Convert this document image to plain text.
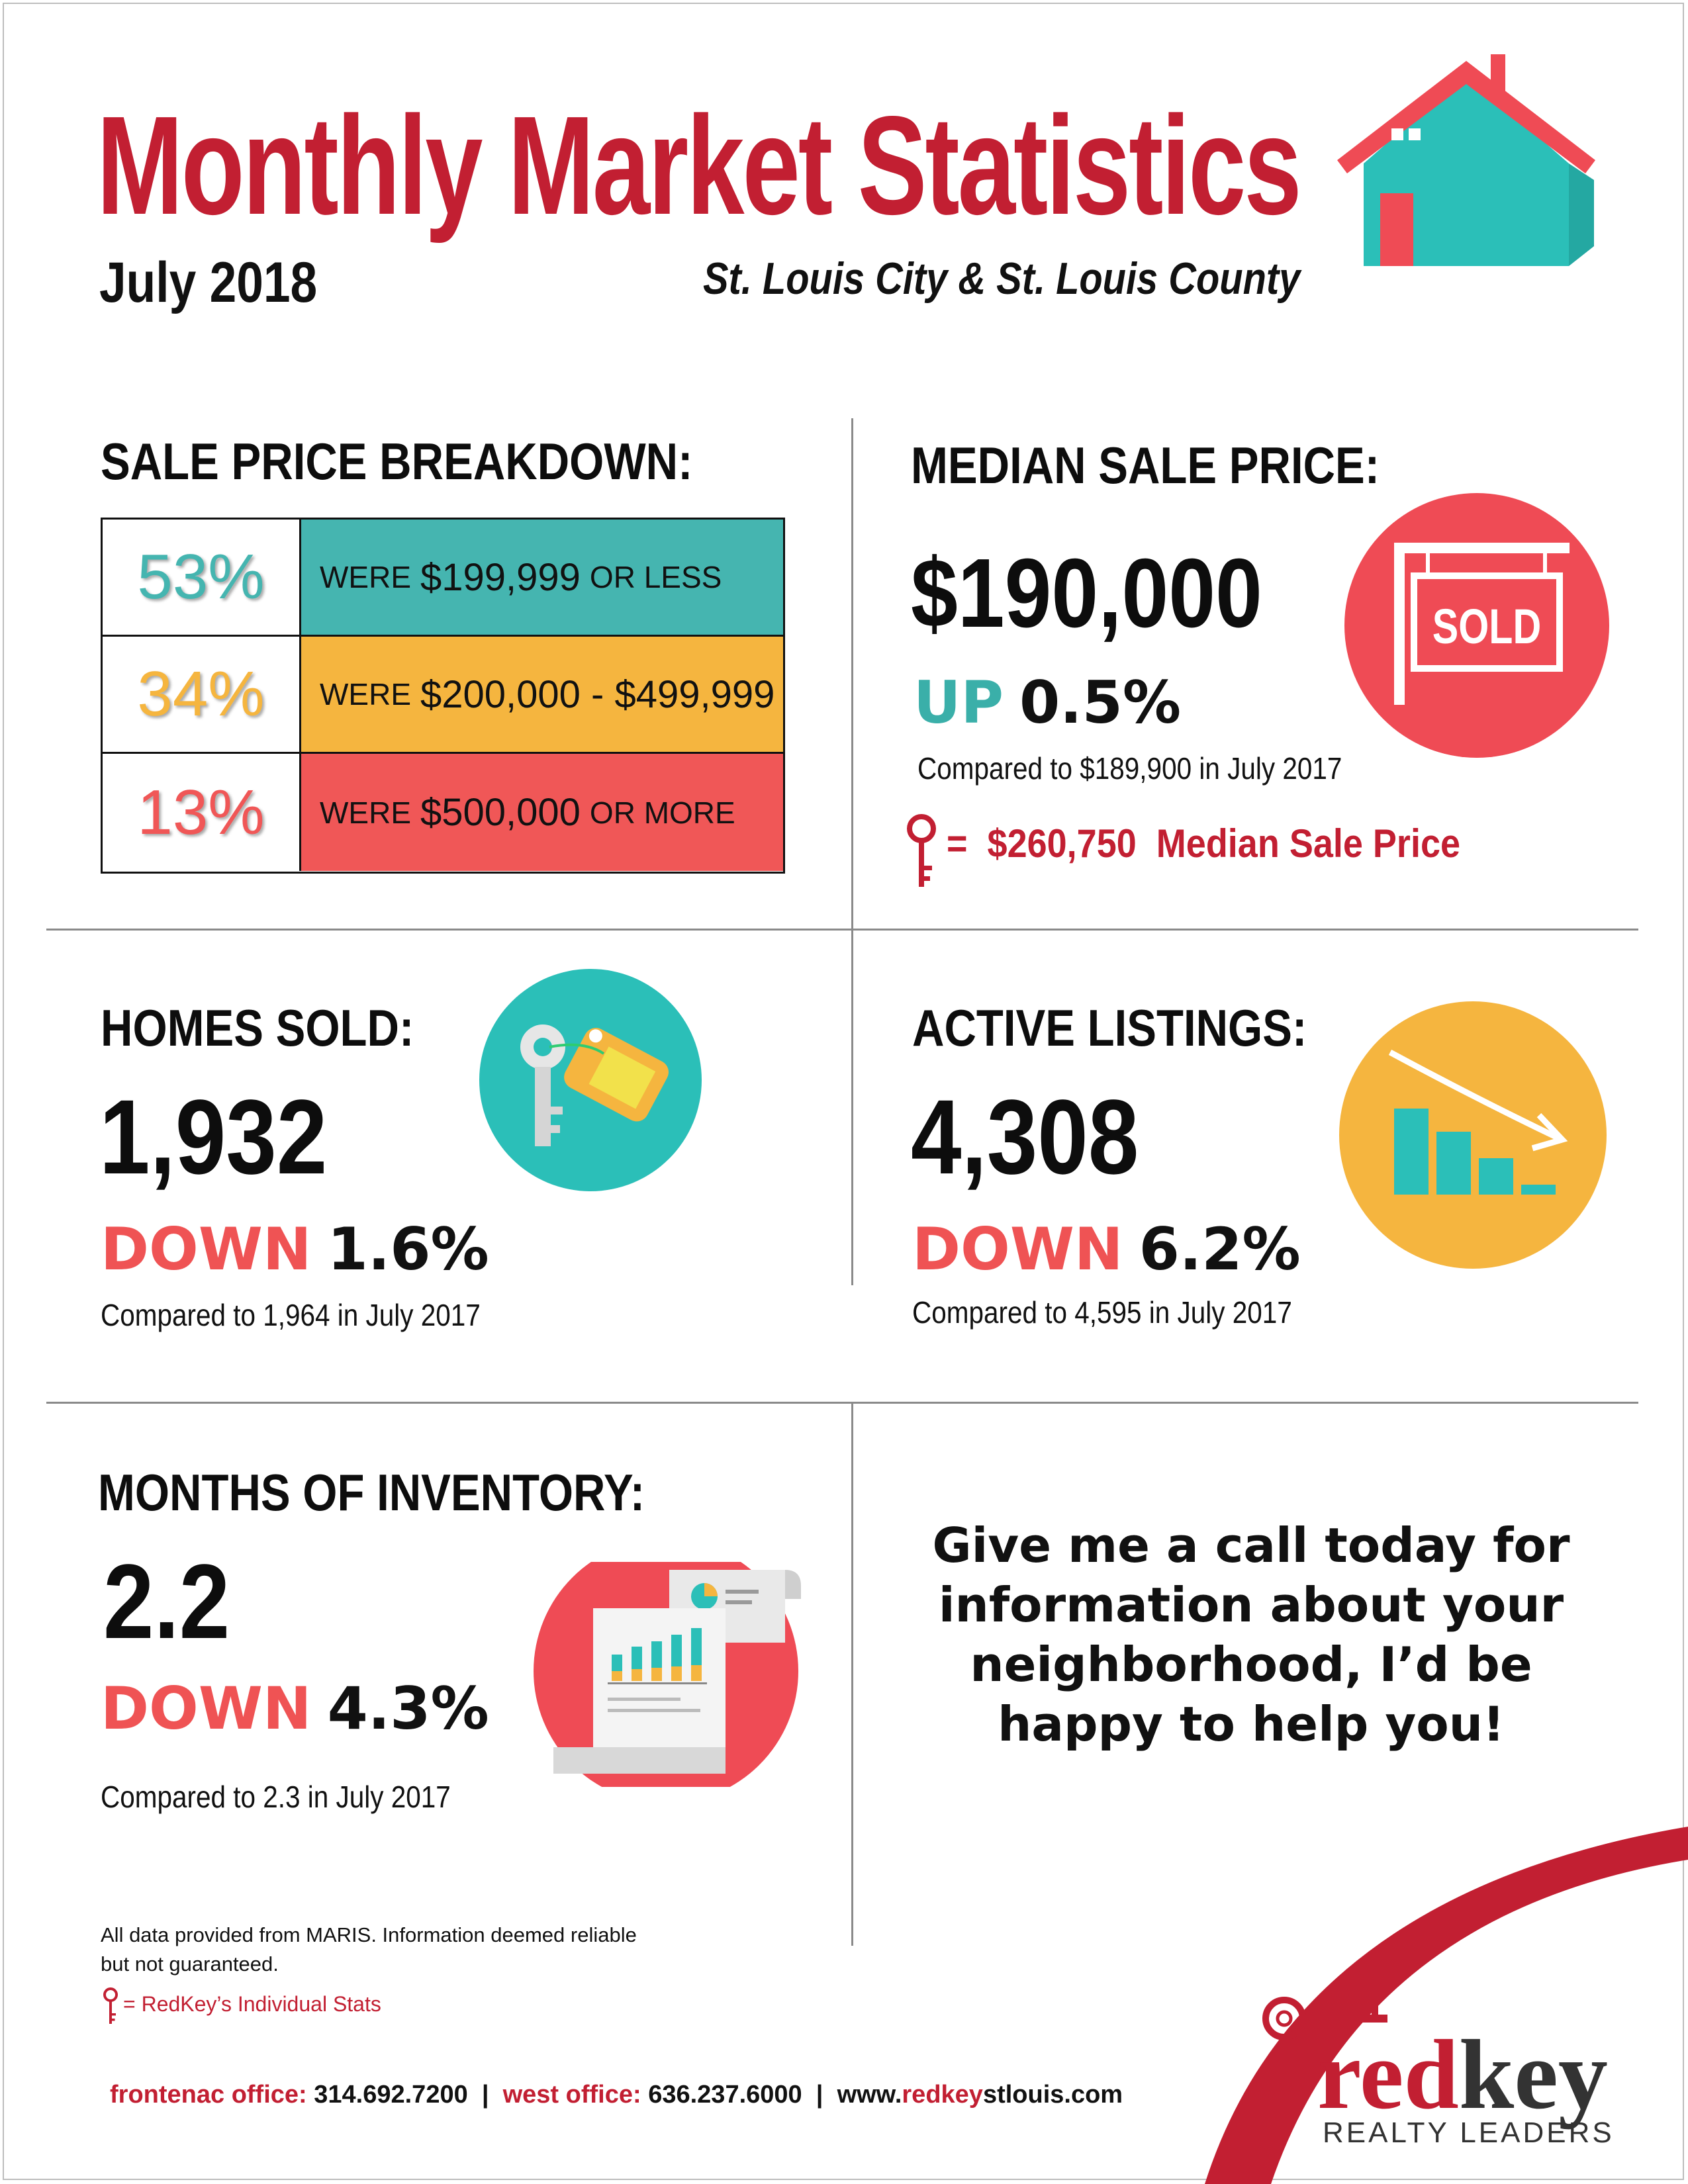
Monthly Market Statistics
July 2018	St. Louis City & St. Louis County
SALE PRICE BREAKDOWN:
53%	WERE $199,999 OR LESS
34%	WERE $200,000 - $499,999
13%	WERE $500,000 OR MORE
MEDIAN SALE PRICE:
$190,000
UP 0.5%
Compared to $189,900 in July 2017
= $260,750 Median Sale Price
SOLD
HOMES SOLD:
1,932
DOWN 1.6%
Compared to 1,964 in July 2017
ACTIVE LISTINGS:
4,308
DOWN 6.2%
Compared to 4,595 in July 2017
MONTHS OF INVENTORY:
2.2
DOWN 4.3%
Compared to 2.3 in July 2017
Give me a call today for
information about your
neighborhood, I’d be
happy to help you!
All data provided from MARIS. Information deemed reliable
but not guaranteed.
= RedKey’s Individual Stats
redkey
REALTY LEADERS
frontenac office: 314.692.7200 | west office: 636.237.6000 | www.redkeystlouis.com
